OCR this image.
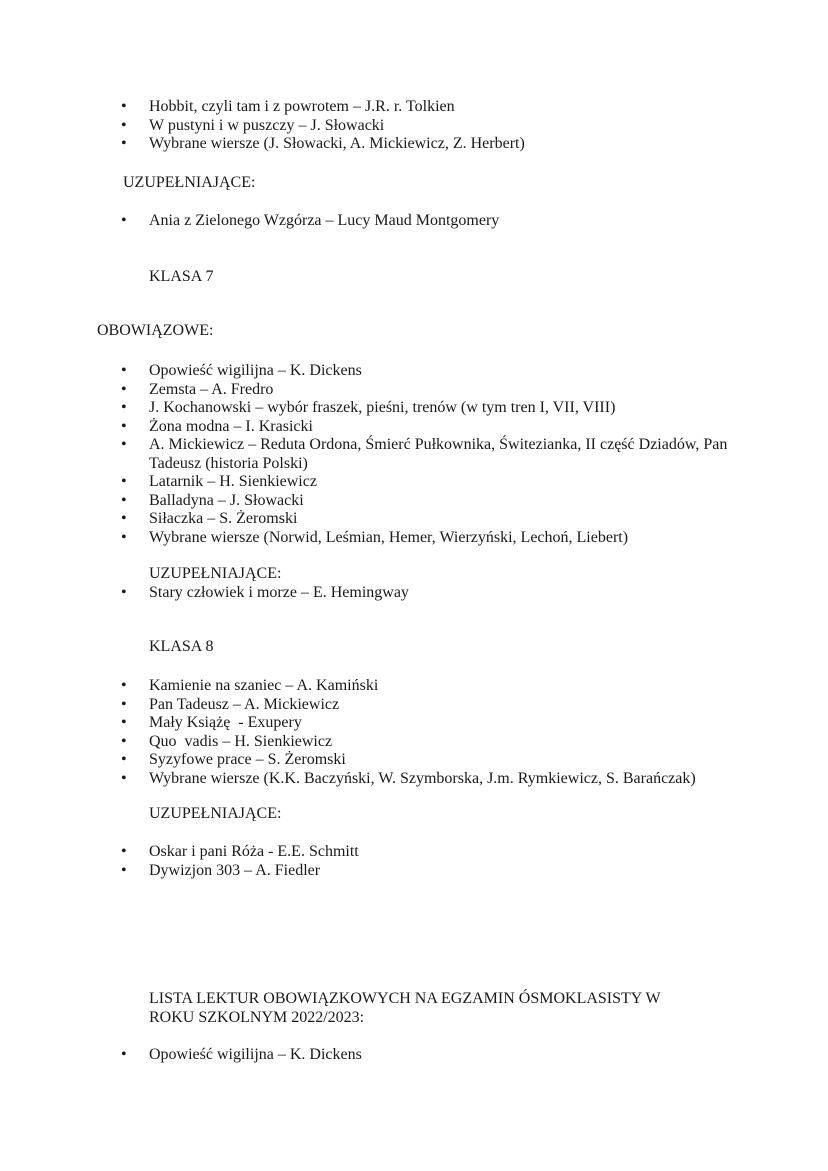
• Hobbit, czyli tam i z powrotem – J.R. r. Tolkien
• W pustyni i w puszczy – J. Słowacki
• Wybrane wiersze (J. Słowacki, A. Mickiewicz, Z. Herbert)
UZUPEŁNIAJĄCE:
• Ania z Zielonego Wzgórza – Lucy Maud Montgomery
KLASA 7
OBOWIĄZOWE:
• Opowieść wigilijna – K. Dickens
• Zemsta – A. Fredro
• J. Kochanowski – wybór fraszek, pieśni, trenów (w tym tren I, VII, VIII)
• Żona modna – I. Krasicki
• A. Mickiewicz – Reduta Ordona, Śmierć Pułkownika, Świtezianka, II część Dziadów, Pan Tadeusz (historia Polski)
• Latarnik – H. Sienkiewicz
• Balladyna – J. Słowacki
• Siłaczka – S. Żeromski
• Wybrane wiersze (Norwid, Leśmian, Hemer, Wierzyński, Lechoń, Liebert)
UZUPEŁNIAJĄCE:
• Stary człowiek i morze – E. Hemingway
KLASA 8
• Kamienie na szaniec – A. Kamiński
• Pan Tadeusz – A. Mickiewicz
• Mały Książę  - Exupery
• Quo  vadis – H. Sienkiewicz
• Syzyfowe prace – S. Żeromski
• Wybrane wiersze (K.K. Baczyński, W. Szymborska, J.m. Rymkiewicz, S. Barańczak)
UZUPEŁNIAJĄCE:
• Oskar i pani Róża - E.E. Schmitt
• Dywizjon 303 – A. Fiedler
LISTA LEKTUR OBOWIĄZKOWYCH NA EGZAMIN ÓSMOKLASISTY W
ROKU SZKOLNYM 2022/2023:
• Opowieść wigilijna – K. Dickens
